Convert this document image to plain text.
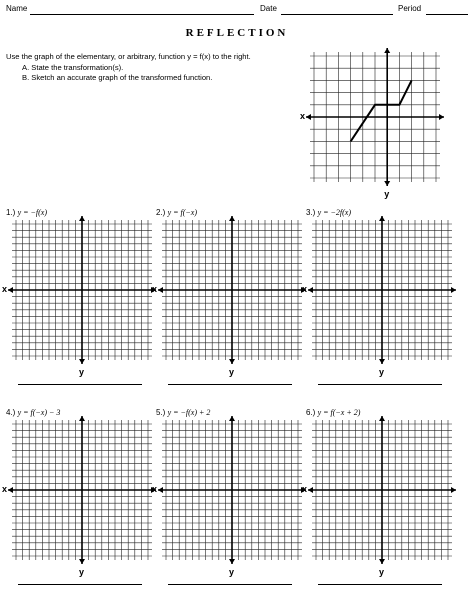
Name	Date	Period
REFLECTION
Use the graph of the elementary, or arbitrary, function y = f(x) to the right.
A. State the transformation(s).
B. Sketch an accurate graph of the transformed function.
x
y
1.) y = −f(x)
x
y
2.) y = f(−x)
x
y
3.) y = −2f(x)
x
y
4.) y = f(−x) − 3
x
y
5.) y = −f(x) + 2
x
y
6.) y = f(−x + 2)
x
y
